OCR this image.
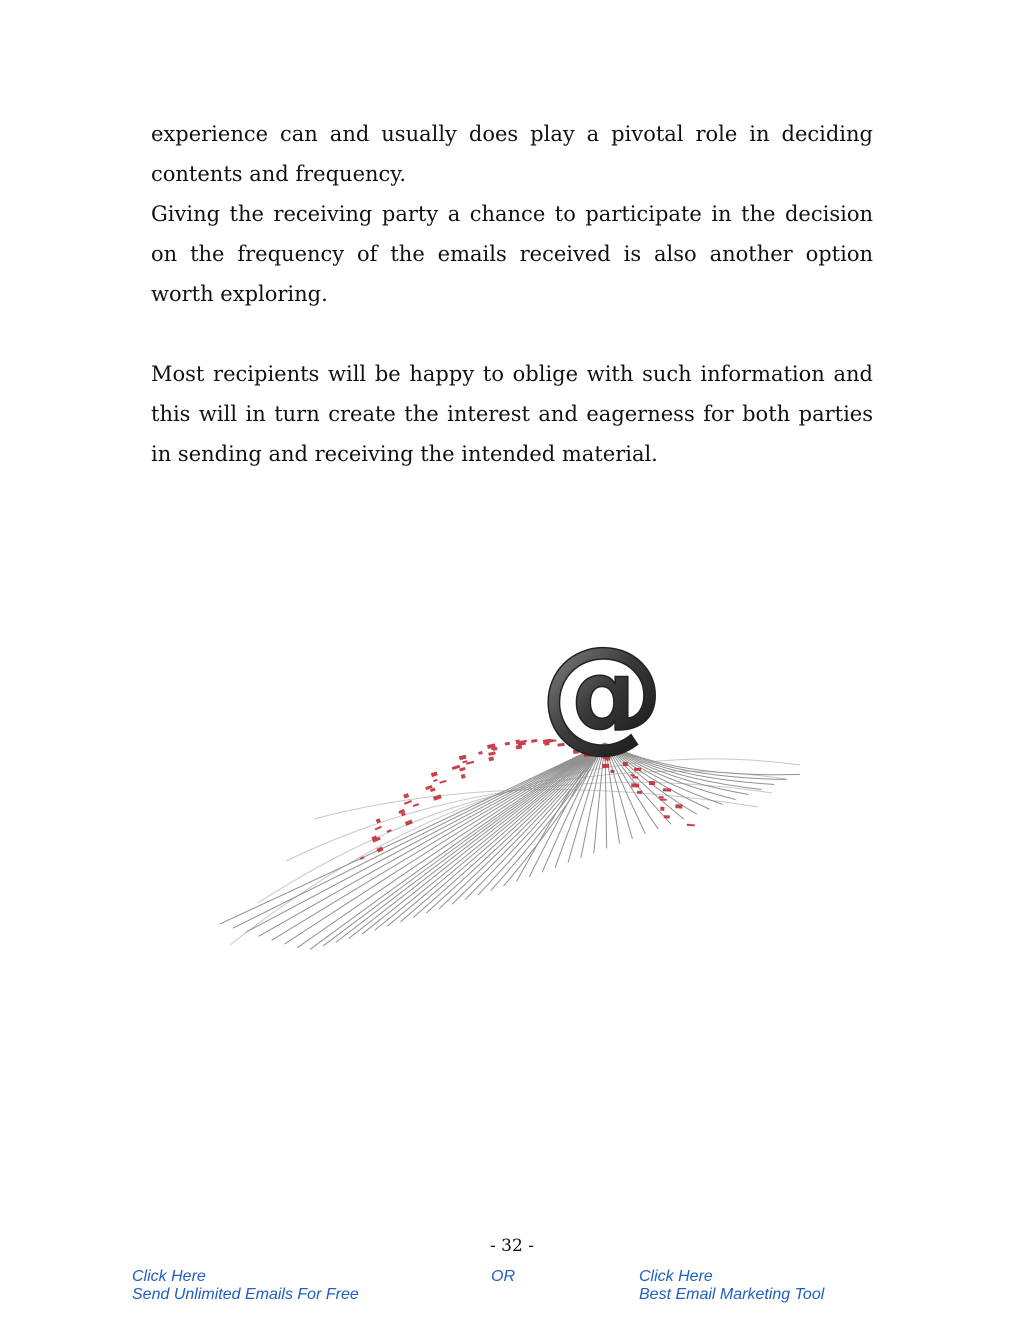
experience can and usually does play a pivotal role in deciding contents and frequency.

Giving the receiving party a chance to participate in the decision on the frequency of the emails received is also another option worth exploring.

Most recipients will be happy to oblige with such information and this will in turn create the interest and eagerness for both parties in sending and receiving the intended material.

@
- 32 -
Click Here
Send Unlimited Emails For Free
OR	Click Here
Best Email Marketing Tool
